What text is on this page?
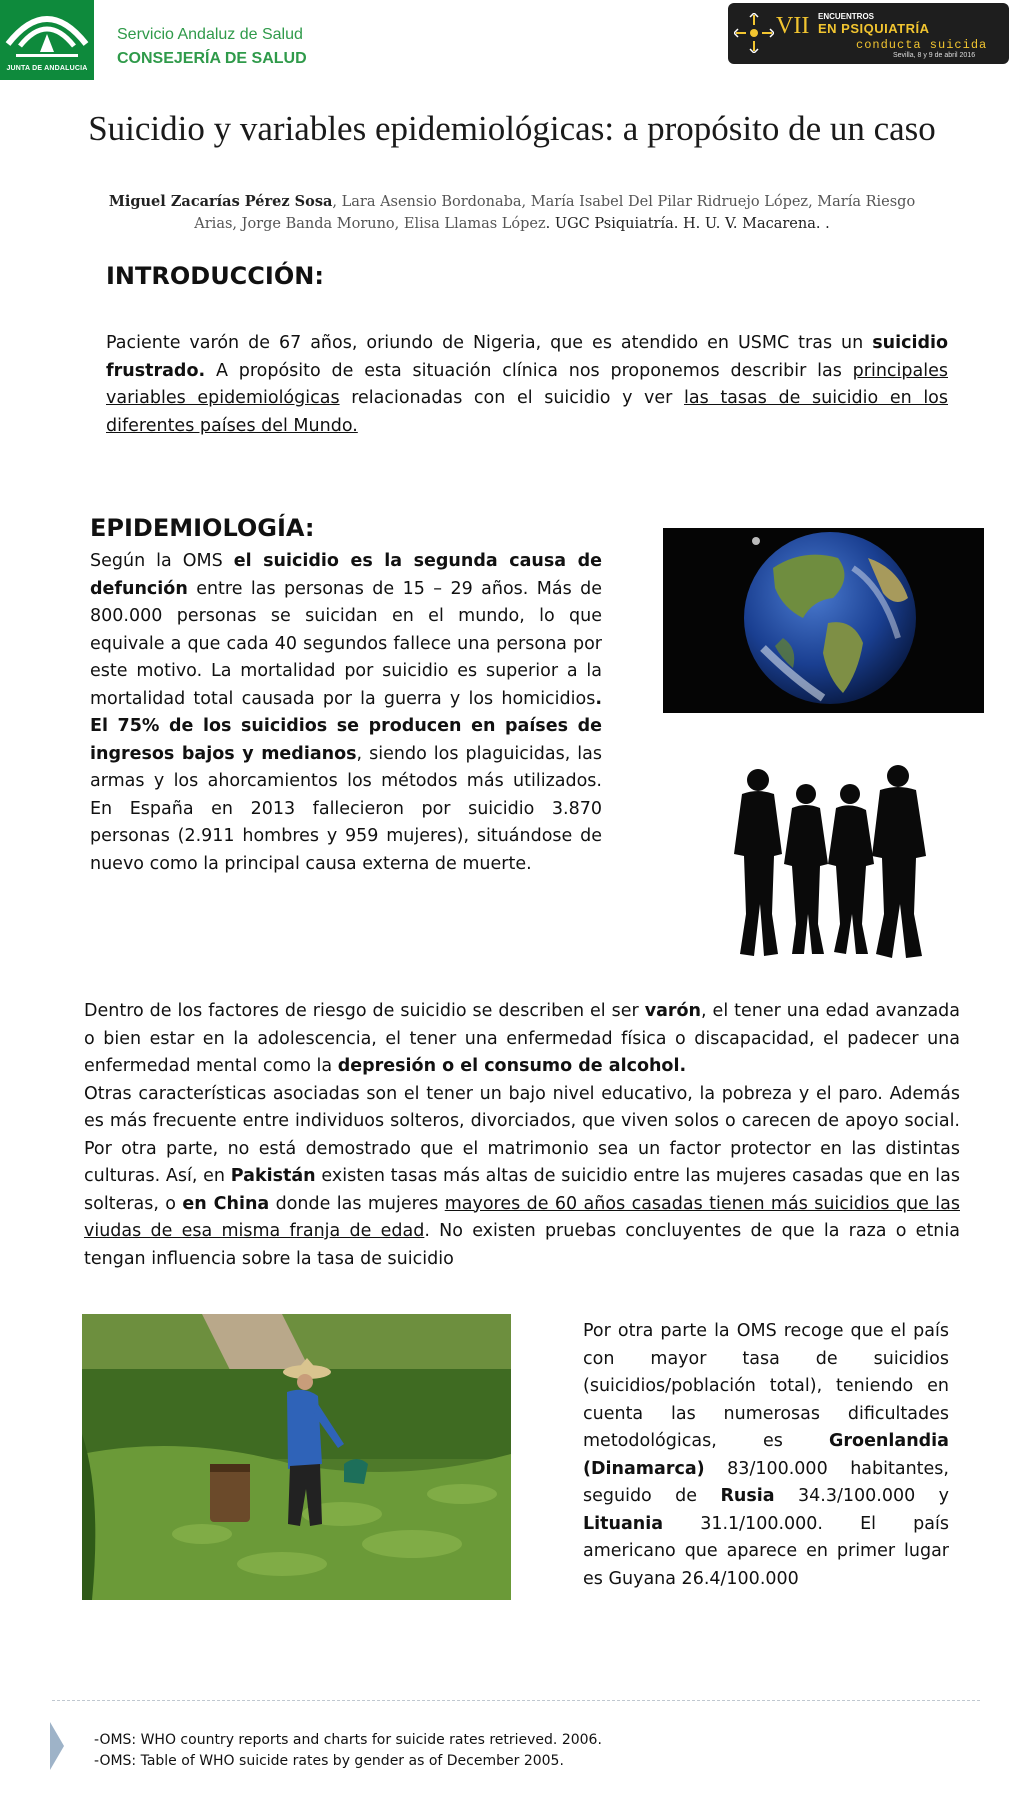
JUNTA DE ANDALUCIA
Servicio Andaluz de Salud
CONSEJERÍA DE SALUD
VII ENCUENTROS
EN PSIQUIATRÍA
conducta suicida
Sevilla, 8 y 9 de abril 2016
Suicidio y variables epidemiológicas: a propósito de un caso
Miguel Zacarías Pérez Sosa, Lara Asensio Bordonaba, María Isabel Del Pilar Ridruejo López, María Riesgo Arias, Jorge Banda Moruno, Elisa Llamas López. UGC Psiquiatría. H. U. V. Macarena. .
INTRODUCCIÓN:
Paciente varón de 67 años, oriundo de Nigeria, que es atendido en USMC tras un suicidio frustrado. A propósito de esta situación clínica nos proponemos describir las principales variables epidemiológicas relacionadas con el suicidio y ver las tasas de suicidio en los diferentes países del Mundo.
EPIDEMIOLOGÍA:
Según la OMS el suicidio es la segunda causa de defunción entre las personas de 15 – 29 años. Más de 800.000 personas se suicidan en el mundo, lo que equivale a que cada 40 segundos fallece una persona por este motivo. La mortalidad por suicidio es superior a la mortalidad total causada por la guerra y los homicidios. El 75% de los suicidios se producen en países de ingresos bajos y medianos, siendo los plaguicidas, las armas y los ahorcamientos los métodos más utilizados. En España en 2013 fallecieron por suicidio 3.870 personas (2.911 hombres y 959 mujeres), situándose de nuevo como la principal causa externa de muerte.
Dentro de los factores de riesgo de suicidio se describen el ser varón, el tener una edad avanzada o bien estar en la adolescencia, el tener una enfermedad física o discapacidad, el padecer una enfermedad mental como la depresión o el consumo de alcohol.
Otras características asociadas son el tener un bajo nivel educativo, la pobreza y el paro. Además es más frecuente entre individuos solteros, divorciados, que viven solos o carecen de apoyo social. Por otra parte, no está demostrado que el matrimonio sea un factor protector en las distintas culturas. Así, en Pakistán existen tasas más altas de suicidio entre las mujeres casadas que en las solteras, o en China donde las mujeres mayores de 60 años casadas tienen más suicidios que las viudas de esa misma franja de edad. No existen pruebas concluyentes de que la raza o etnia tengan influencia sobre la tasa de suicidio
Por otra parte la OMS recoge que el país con mayor tasa de suicidios (suicidios/población total), teniendo en cuenta las numerosas dificultades metodológicas, es Groenlandia (Dinamarca) 83/100.000 habitantes, seguido de Rusia 34.3/100.000 y Lituania 31.1/100.000. El país americano que aparece en primer lugar es Guyana 26.4/100.000
-OMS: WHO country reports and charts for suicide rates retrieved. 2006.
-OMS: Table of WHO suicide rates by gender as of December 2005.
